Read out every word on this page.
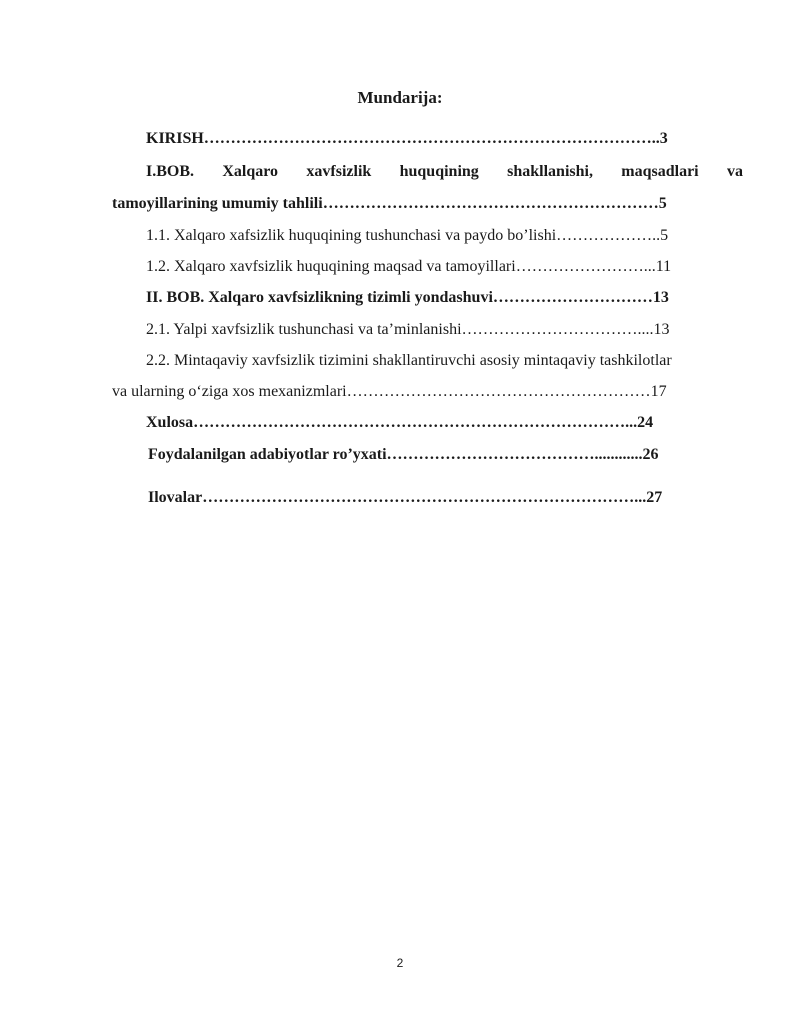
Mundarija:
KIRISH…………………………………………………………………………..3
I.BOB. Xalqaro xavfsizlik huquqining shakllanishi, maqsadlari va
tamoyillarining umumiy tahlili………………………………………………………5
1.1. Xalqaro xafsizlik huquqining tushunchasi va paydo bo’lishi………………..5
1.2. Xalqaro xavfsizlik huquqining maqsad va tamoyillari……………………...11
II. BOB. Xalqaro xavfsizlikning tizimli yondashuvi…………………………13
2.1. Yalpi xavfsizlik tushunchasi va ta’minlanishi……………………………....13
2.2. Mintaqaviy xavfsizlik tizimini shakllantiruvchi asosiy mintaqaviy tashkilotlar
va ularning o‘ziga xos mexanizmlari…………………………………………………17
Xulosa………………………………………………………………………...24
Foydalanilgan adabiyotlar ro’yxati…………………………………............26
Ilovalar………………………………………………………………………...27
2
